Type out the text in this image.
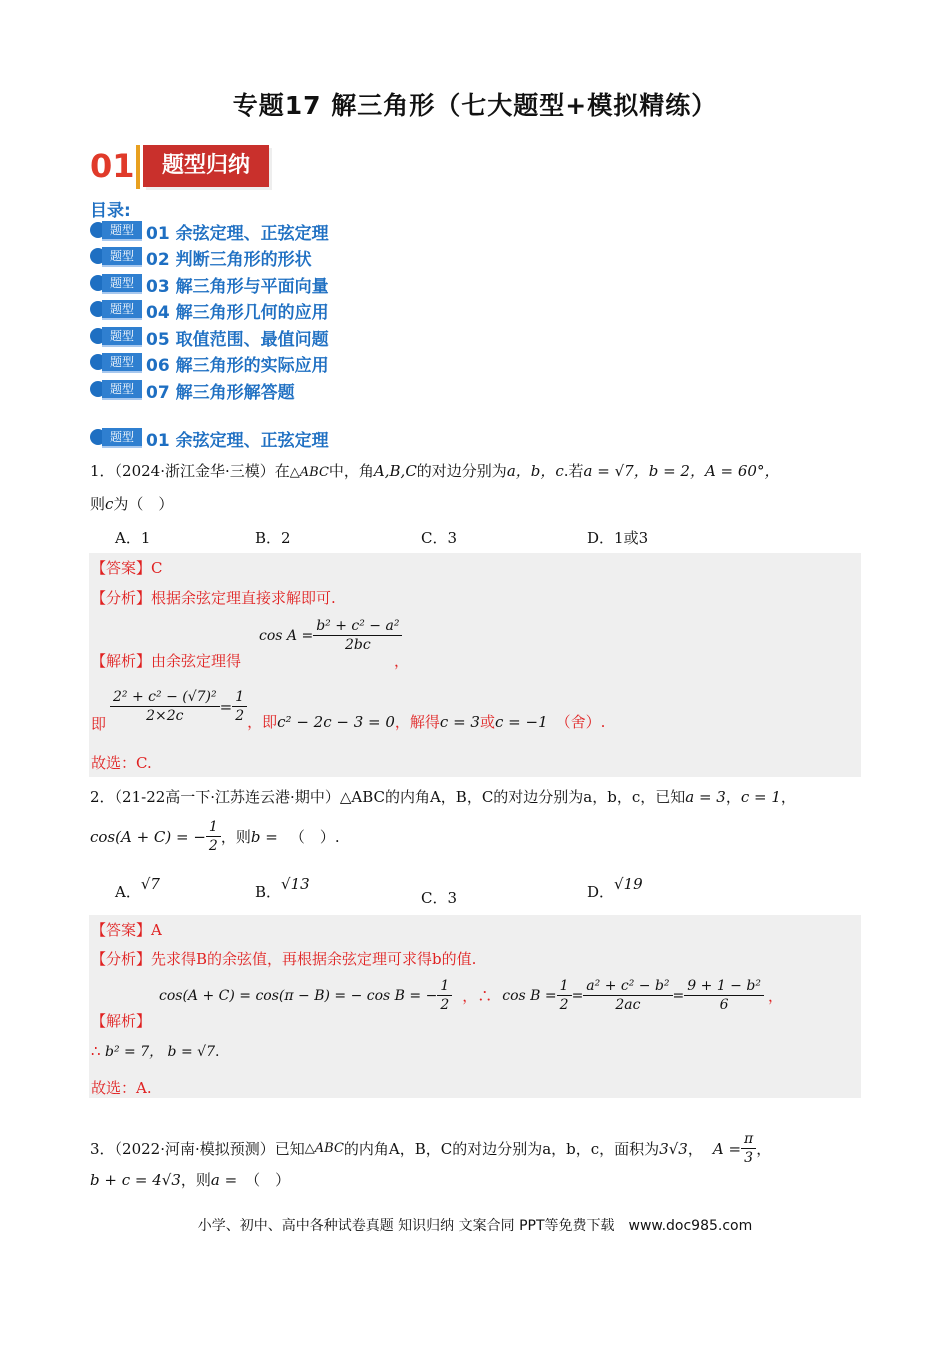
专题17 解三角形（七大题型+模拟精练）
01	题型归纳
目录:
题型 01 余弦定理、正弦定理
题型 02 判断三角形的形状
题型 03 解三角形与平面向量
题型 04 解三角形几何的应用
题型 05 取值范围、最值问题
题型 06 解三角形的实际应用
题型 07 解三角形解答题
题型 01 余弦定理、正弦定理
1．（2024·浙江金华·三模）在△ABC中，角A,B,C的对边分别为a，b，c.若a = √7，b = 2，A = 60°，
则c为（　）
A．1	B．2	C．3	D．1或3
【答案】C
【分析】根据余弦定理直接求解即可.
【解析】由余弦定理得
$\cos A = \frac{\text{b² + c² − a²}}{2bc}$
，
即 $\frac{\text{2² + c² − (√7)²}}{2\times 2c} = \frac{1}{2}$ ，即 c² − 2c − 3 = 0 ，解得 c = 3 或 c = −1 （舍）.
故选：C.
2．（21-22高一下·江苏连云港·期中）△ABC的内角A，B，C的对边分别为a，b，c，已知a = 3，c = 1，
cos(A + C) = − $\frac{1}{2}$ ，则 b = （　）.
A．√7	B．√13
C．3	D．√19
【答案】A
【分析】先求得B的余弦值，再根据余弦定理可求得b的值.
【解析】
cos(A + C) = cos(π − B) = − cos B = − $\frac{1}{2}$ ，∴ $\cos B = \frac{1}{2} = \frac{\text{a² + c² − b²}}{2ac} = \frac{\text{9 + 1 − b²}}{6}$ ，
∴ b² = 7， b = √7.
故选：A.
3．（2022·河南·模拟预测）已知 △ABC 的内角A，B，C的对边分别为a，b，c，面积为 3√3 ， $A = \frac{\pi}{3}$ ，
b + c = 4√3，则a = （　）
小学、初中、高中各种试卷真题 知识归纳 文案合同 PPT等免费下载　www.doc985.com
